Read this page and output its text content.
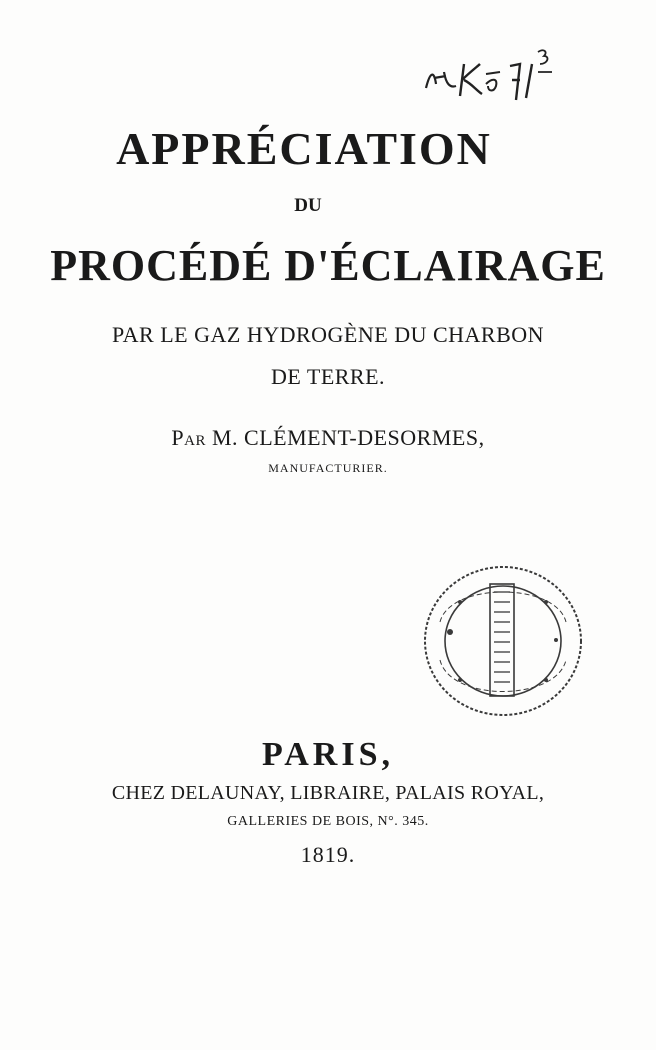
APPRÉCIATION
DU
PROCÉDÉ D'ÉCLAIRAGE
PAR LE GAZ HYDROGÈNE DU CHARBON
DE TERRE.
Par M. CLÉMENT-DESORMES,
MANUFACTURIER.
PARIS,
CHEZ DELAUNAY, LIBRAIRE, PALAIS ROYAL,
GALLERIES DE BOIS, N°. 345.
1819.
